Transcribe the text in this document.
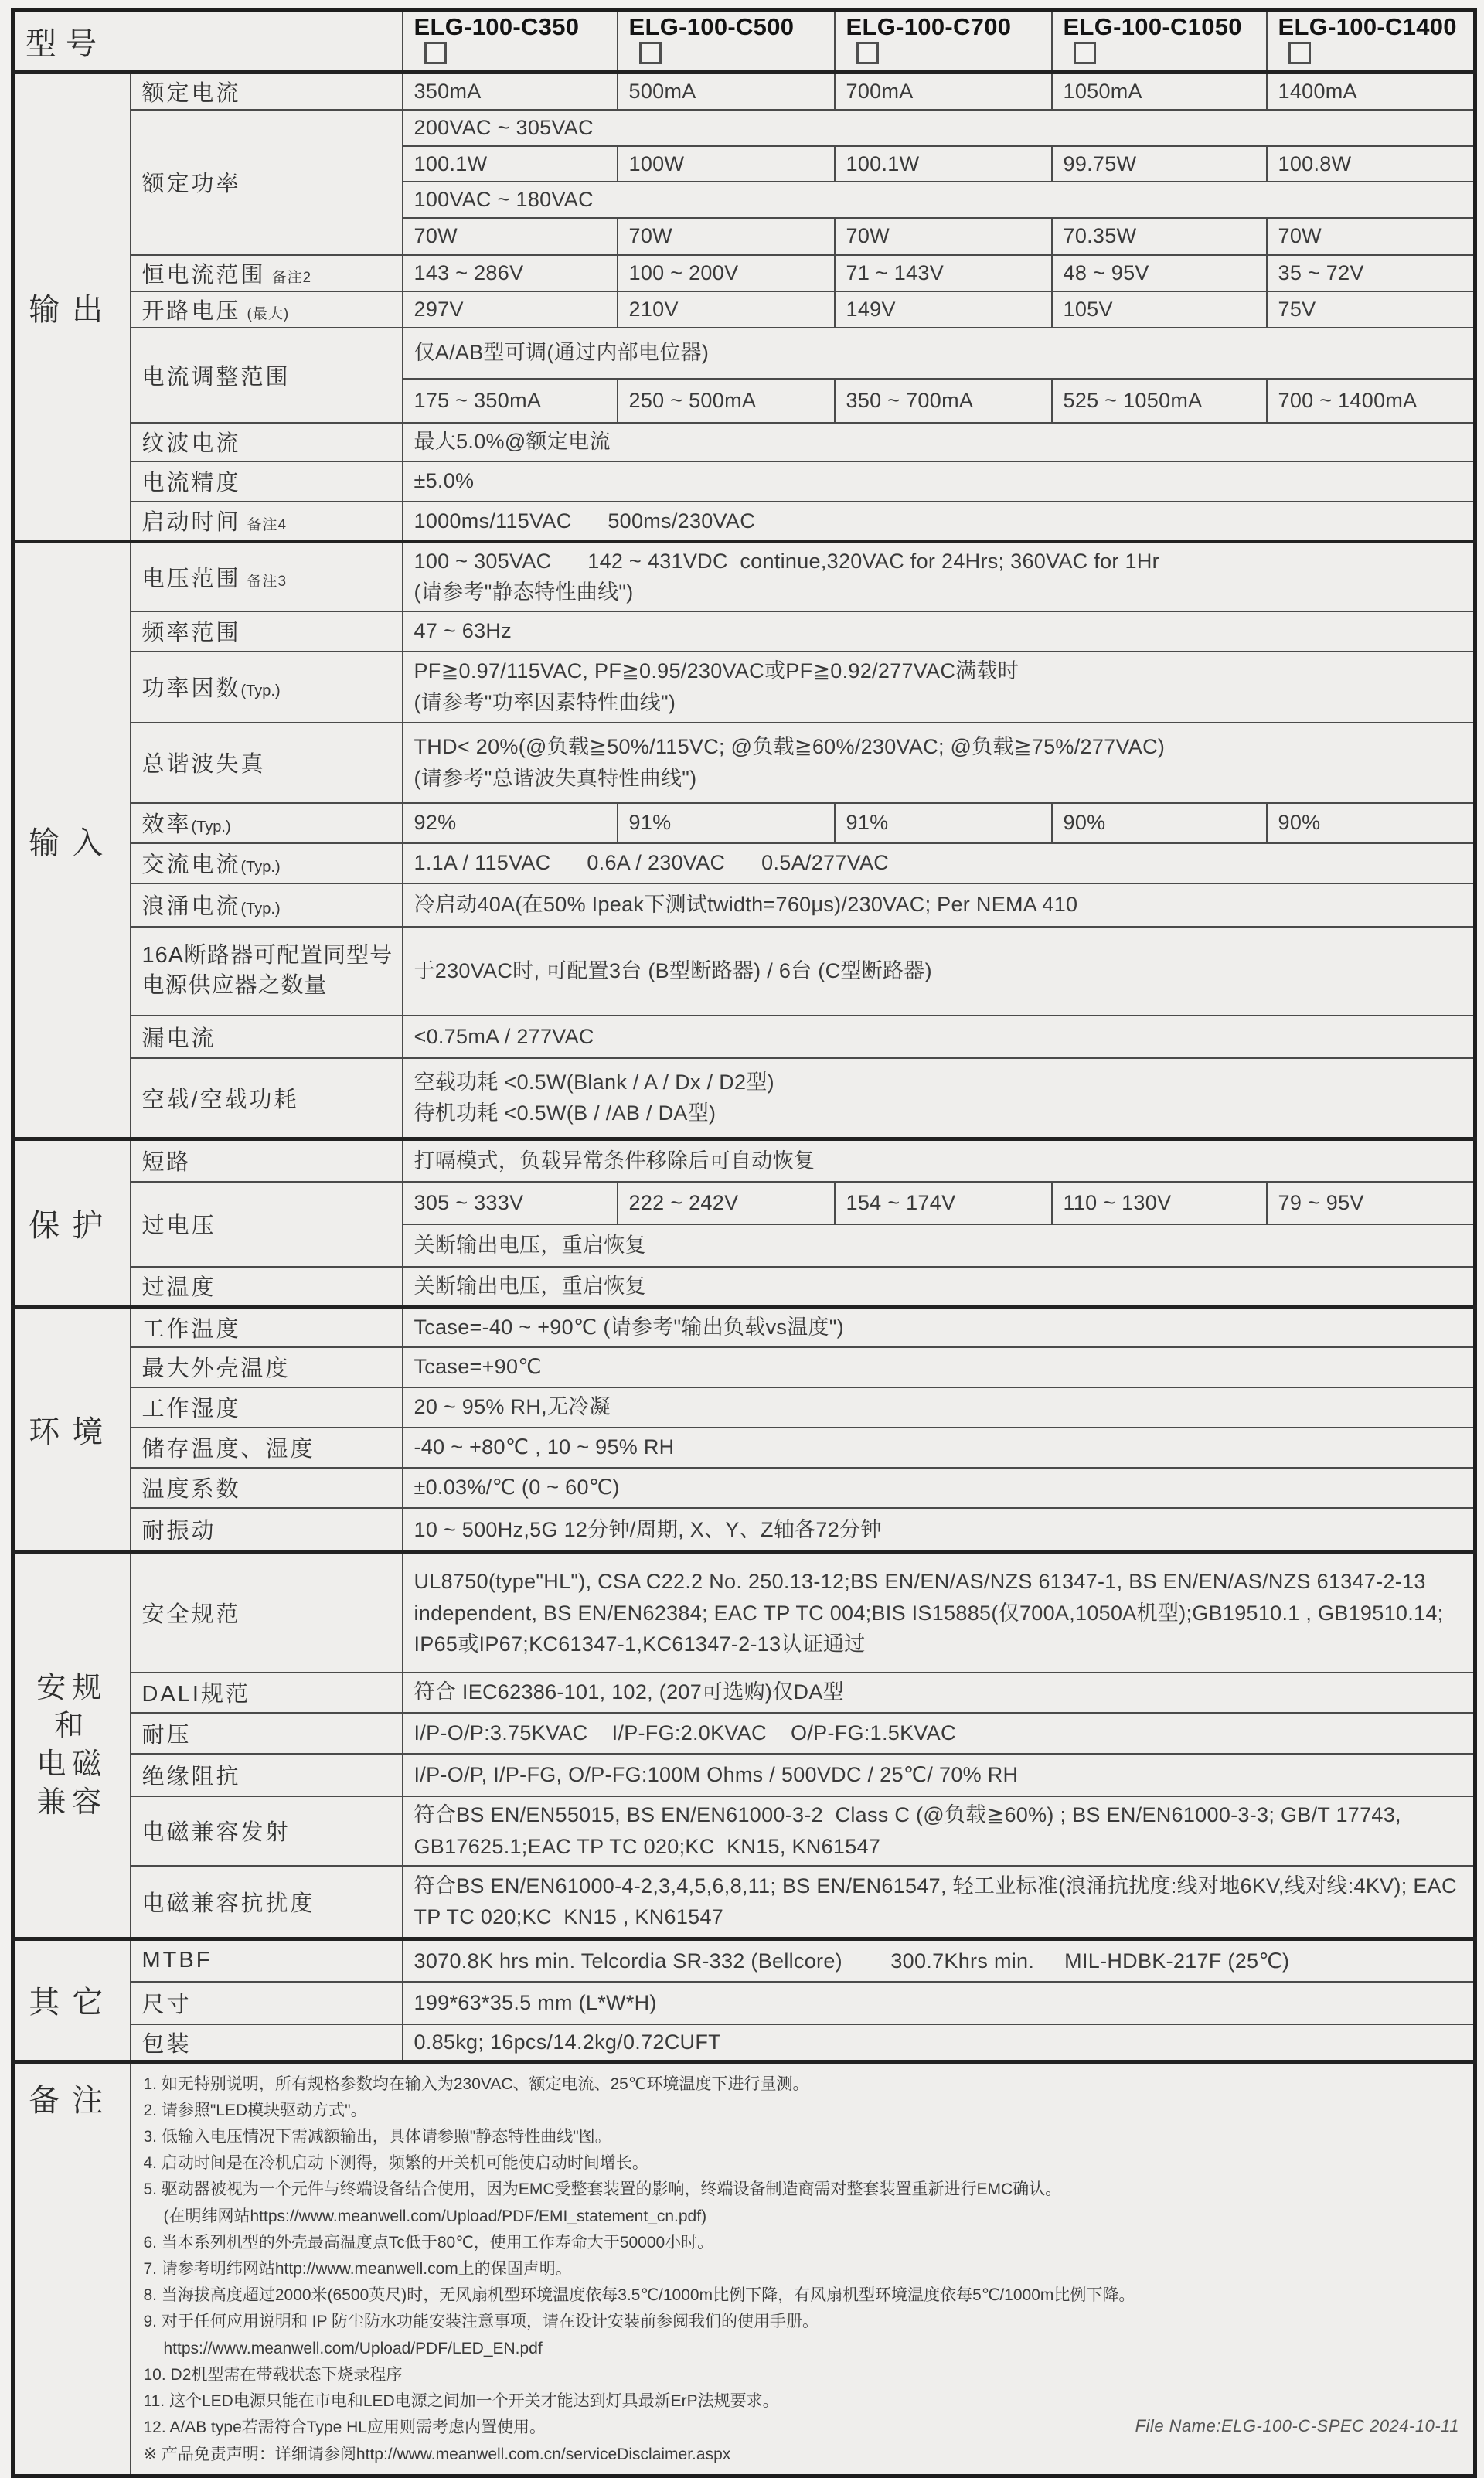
型号		ELG-100-C350	ELG-100-C500	ELG-100-C700	ELG-100-C1050	ELG-100-C1400
输出	额定电流	350mA	500mA	700mA	1050mA	1400mA
	额定功率	200VAC ~ 305VAC				
		100.1W	100W	100.1W	99.75W	100.8W
		100VAC ~ 180VAC				
		70W	70W	70W	70.35W	70W
	恒电流范围 备注2	143 ~ 286V	100 ~ 200V	71 ~ 143V	48 ~ 95V	35 ~ 72V
	开路电压 (最大)	297V	210V	149V	105V	75V
	电流调整范围	仅A/AB型可调(通过内部电位器)				
		175 ~ 350mA	250 ~ 500mA	350 ~ 700mA	525 ~ 1050mA	700 ~ 1400mA
	纹波电流	最大5.0%@额定电流				
	电流精度	±5.0%				
	启动时间 备注4	1000ms/115VAC      500ms/230VAC				
输入	电压范围 备注3	100 ~ 305VAC      142 ~ 431VDC  continue,320VAC for 24Hrs; 360VAC for 1Hr
(请参考"静态特性曲线")				

	频率范围	47 ~ 63Hz				
	功率因数(Typ.)	PF≧0.97/115VAC, PF≧0.95/230VAC或PF≧0.92/277VAC满载时
(请参考"功率因素特性曲线")				

	总谐波失真	THD< 20%(@负载≧50%/115VC; @负载≧60%/230VAC; @负载≧75%/277VAC)
(请参考"总谐波失真特性曲线")				

	效率(Typ.)	92%	91%	91%	90%	90%
	交流电流(Typ.)	1.1A / 115VAC      0.6A / 230VAC      0.5A/277VAC				
	浪涌电流(Typ.)	冷启动40A(在50% Ipeak下测试twidth=760μs)/230VAC; Per NEMA 410				
	16A断路器可配置同型号电源供应器之数量	于230VAC时, 可配置3台 (B型断路器) / 6台 (C型断路器)				
	漏电流	<0.75mA / 277VAC				
	空载/空载功耗	空载功耗 <0.5W(Blank / A / Dx / D2型)
待机功耗 <0.5W(B / /AB / DA型)				

保护	短路	打嗝模式，负载异常条件移除后可自动恢复				
	过电压	305 ~ 333V	222 ~ 242V	154 ~ 174V	110 ~ 130V	79 ~ 95V
		关断输出电压，重启恢复				
	过温度	关断输出电压，重启恢复				
环境	工作温度	Tcase=-40 ~ +90℃ (请参考"输出负载vs温度")				
	最大外壳温度	Tcase=+90℃				
	工作湿度	20 ~ 95% RH,无冷凝				
	储存温度、湿度	-40 ~ +80℃ , 10 ~ 95% RH				
	温度系数	±0.03%/℃ (0 ~ 60℃)				
	耐振动	10 ~ 500Hz,5G 12分钟/周期, X、Y、Z轴各72分钟				

安规
和
电磁
兼容
	安全规范	UL8750(type"HL"), CSA C22.2 No. 250.13-12;BS EN/EN/AS/NZS 61347-1, BS EN/EN/AS/NZS 61347-2-13 independent, BS EN/EN62384; EAC TP TC 004;BIS IS15885(仅700A,1050A机型);GB19510.1 , GB19510.14; IP65或IP67;KC61347-1,KC61347-2-13认证通过
	DALI规范	符合 IEC62386-101, 102, (207可选购)仅DA型				
	耐压	I/P-O/P:3.75KVAC    I/P-FG:2.0KVAC    O/P-FG:1.5KVAC				
	绝缘阻抗	I/P-O/P, I/P-FG, O/P-FG:100M Ohms / 500VDC / 25℃/ 70% RH				
	电磁兼容发射	符合BS EN/EN55015, BS EN/EN61000-3-2  Class C (@负载≧60%) ; BS EN/EN61000-3-3; GB/T 17743, GB17625.1;EAC TP TC 020;KC  KN15, KN61547				
	电磁兼容抗扰度	符合BS EN/EN61000-4-2,3,4,5,6,8,11; BS EN/EN61547, 轻工业标准(浪涌抗扰度:线对地6KV,线对线:4KV); EAC TP TC 020;KC  KN15 , KN61547				
其它	MTBF	3070.8K hrs min. Telcordia SR-332 (Bellcore)        300.7Khrs min.     MIL-HDBK-217F (25℃)				
	尺寸	199*63*35.5 mm (L*W*H)				
	包装	0.85kg; 16pcs/14.2kg/0.72CUFT				
备注	1. 如无特别说明，所有规格参数均在输入为230VAC、额定电流、25℃环境温度下进行量测。
2. 请参照"LED模块驱动方式"。
3. 低输入电压情况下需减额输出，具体请参照"静态特性曲线"图。
4. 启动时间是在冷机启动下测得，频繁的开关机可能使启动时间增长。
5. 驱动器被视为一个元件与终端设备结合使用，因为EMC受整套装置的影响，终端设备制造商需对整套装置重新进行EMC确认。
(在明纬网站https://www.meanwell.com/Upload/PDF/EMI_statement_cn.pdf)
6. 当本系列机型的外壳最高温度点Tc低于80℃，使用工作寿命大于50000小时。
7. 请参考明纬网站http://www.meanwell.com上的保固声明。
8. 当海拔高度超过2000米(6500英尺)时，无风扇机型环境温度依每3.5℃/1000m比例下降，有风扇机型环境温度依每5℃/1000m比例下降。
9. 对于任何应用说明和 IP 防尘防水功能安装注意事项，请在设计安装前参阅我们的使用手册。
https://www.meanwell.com/Upload/PDF/LED_EN.pdf
10. D2机型需在带载状态下烧录程序
11. 这个LED电源只能在市电和LED电源之间加一个开关才能达到灯具最新ErP法规要求。
12. A/AB type若需符合Type HL应用则需考虑内置使用。
※ 产品免责声明：详细请参阅http://www.meanwell.com.cn/serviceDisclaimer.aspx
File Name:ELG-100-C-SPEC 2024-10-11
